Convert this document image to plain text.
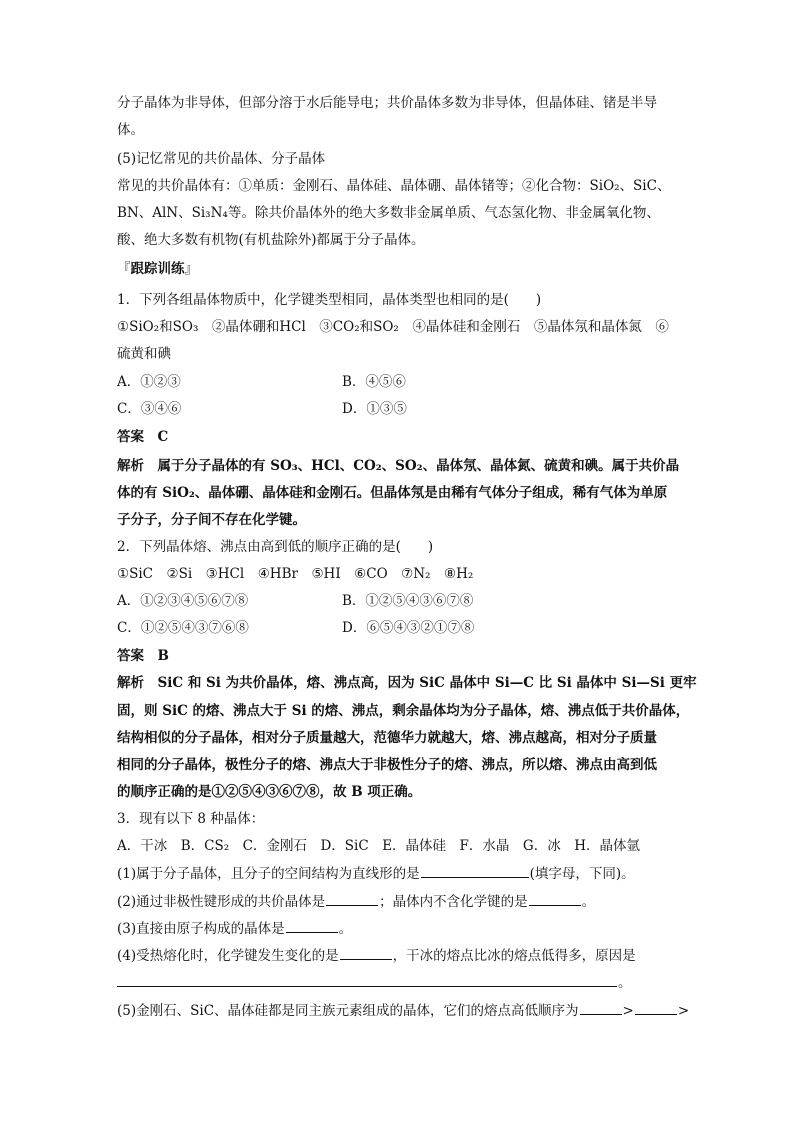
分子晶体为非导体，但部分溶于水后能导电；共价晶体多数为非导体，但晶体硅、锗是半导
体。
(5)记忆常见的共价晶体、分子晶体
常见的共价晶体有：①单质：金刚石、晶体硅、晶体硼、晶体锗等；②化合物：SiO₂、SiC、
BN、AlN、Si₃N₄等。除共价晶体外的绝大多数非金属单质、气态氢化物、非金属氧化物、
酸、绝大多数有机物(有机盐除外)都属于分子晶体。
『跟踪训练』
1．下列各组晶体物质中，化学键类型相同，晶体类型也相同的是(　　)
①SiO₂和SO₃　②晶体硼和HCl　③CO₂和SO₂　④晶体硅和金刚石　⑤晶体氖和晶体氮　⑥
硫黄和碘
A．①②③	B．④⑤⑥
C．③④⑥	D．①③⑤
答案　C
解析　属于分子晶体的有 SO₃、HCl、CO₂、SO₂、晶体氖、晶体氮、硫黄和碘。属于共价晶
体的有 SiO₂、晶体硼、晶体硅和金刚石。但晶体氖是由稀有气体分子组成，稀有气体为单原
子分子，分子间不存在化学键。
2．下列晶体熔、沸点由高到低的顺序正确的是(　　)
①SiC　②Si　③HCl　④HBr　⑤HI　⑥CO　⑦N₂　⑧H₂
A．①②③④⑤⑥⑦⑧	B．①②⑤④③⑥⑦⑧
C．①②⑤④③⑦⑥⑧	D．⑥⑤④③②①⑦⑧
答案　B
解析　SiC 和 Si 为共价晶体，熔、沸点高，因为 SiC 晶体中 Si—C 比 Si 晶体中 Si—Si 更牢
固，则 SiC 的熔、沸点大于 Si 的熔、沸点，剩余晶体均为分子晶体，熔、沸点低于共价晶体，
结构相似的分子晶体，相对分子质量越大，范德华力就越大，熔、沸点越高，相对分子质量
相同的分子晶体，极性分子的熔、沸点大于非极性分子的熔、沸点，所以熔、沸点由高到低
的顺序正确的是①②⑤④③⑥⑦⑧，故 B 项正确。
3．现有以下 8 种晶体：
A．干冰　B．CS₂　C．金刚石　D．SiC　E．晶体硅　F．水晶　G．冰　H．晶体氩
(1)属于分子晶体，且分子的空间结构为直线形的是	(填字母，下同)。
(2)通过非极性键形成的共价晶体是	；晶体内不含化学键的是	。
(3)直接由原子构成的晶体是	。
(4)受热熔化时，化学键发生变化的是	，干冰的熔点比冰的熔点低得多，原因是
。
(5)金刚石、SiC、晶体硅都是同主族元素组成的晶体，它们的熔点高低顺序为	>	>
